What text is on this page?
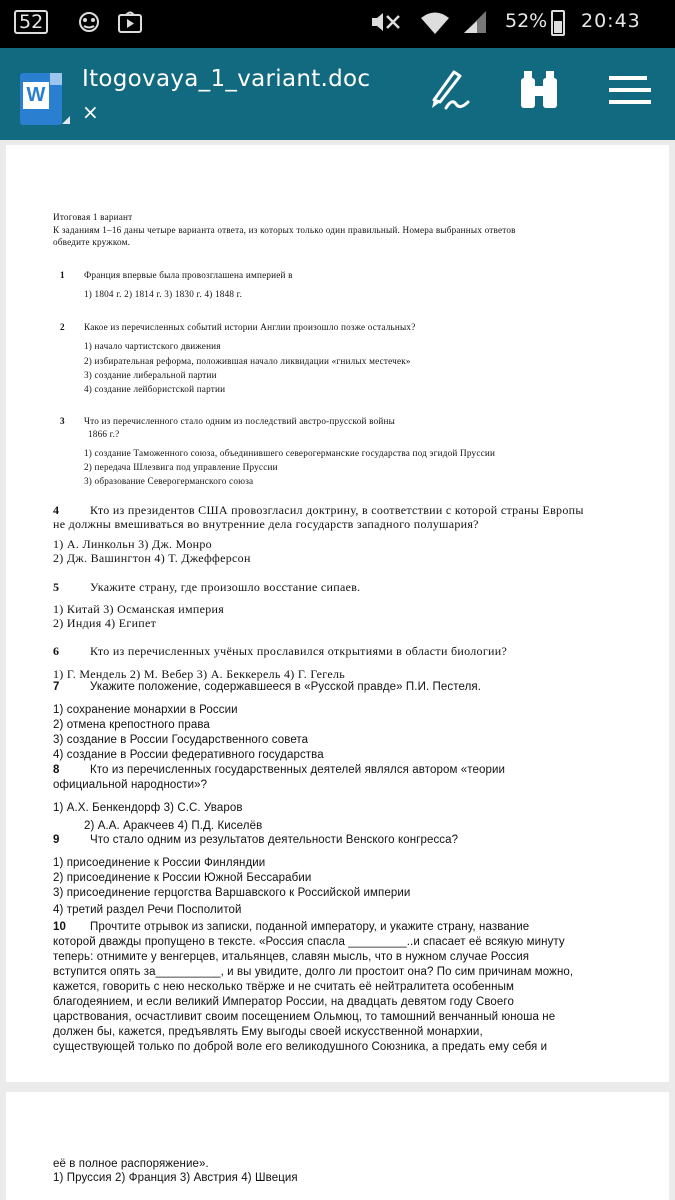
52	52% 20:43
W
Itogovaya_1_variant.doc
×
Итоговая 1 вариант
К заданиям 1–16 даны четыре варианта ответа, из которых только один правильный. Номера выбранных ответов
обведите кружком.
1 Франция впервые была провозглашена империей в
1) 1804 г. 2) 1814 г. 3) 1830 г. 4) 1848 г.
2 Какое из перечисленных событий истории Англии произошло позже остальных?
1) начало чартистского движения
2) избирательная реформа, положившая начало ликвидации «гнилых местечек»
3) создание либеральной партии
4) создание лейбористской партии
3 Что из перечисленного стало одним из последствий австро-прусской войны
1866 г.?
1) создание Таможенного союза, объединившего северогерманские государства под эгидой Пруссии
2) передача Шлезвига под управление Пруссии
3) образование Северогерманского союза
4	Кто из президентов США провозгласил доктрину, в соответствии с которой страны Европы
не должны вмешиваться во внутренние дела государств западного полушария?
1) А. Линкольн 3) Дж. Монро
2) Дж. Вашингтон 4) Т. Джефферсон
5	Укажите страну, где произошло восстание сипаев.
1) Китай 3) Османская империя
2) Индия 4) Египет
6	Кто из перечисленных учёных прославился открытиями в области биологии?
1) Г. Мендель 2) М. Вебер 3) А. Беккерель 4) Г. Гегель
7	Укажите положение, содержавшееся в «Русской правде» П.И. Пестеля.
1) сохранение монархии в России
2) отмена крепостного права
3) создание в России Государственного совета
4) создание в России федеративного государства
8	Кто из перечисленных государственных деятелей являлся автором «теории
официальной народности»?
1) А.Х. Бенкендорф 3) С.С. Уваров
2) А.А. Аракчеев 4) П.Д. Киселёв
9	Что стало одним из результатов деятельности Венского конгресса?
1) присоединение к России Финляндии
2) присоединение к России Южной Бессарабии
3) присоединение герцогства Варшавского к Российской империи
4) третий раздел Речи Посполитой
10 Прочтите отрывок из записки, поданной императору, и укажите страну, название
которой дважды пропущено в тексте. «Россия спасла _________..и спасает её всякую минуту
теперь: отнимите у венгерцев, итальянцев, славян мысль, что в нужном случае Россия
вступится опять за__________, и вы увидите, долго ли простоит она? По сим причинам можно,
кажется, говорить с нею несколько твёрже и не считать её нейтралитета особенным
благодеянием, и если великий Император России, на двадцать девятом году Своего
царствования, осчастливит своим посещением Ольмюц, то тамошний венчанный юноша не
должен бы, кажется, предъявлять Ему выгоды своей искусственной монархии,
существующей только по доброй воле его великодушного Союзника, а предать ему себя и
её в полное распоряжение».
1) Пруссия 2) Франция 3) Австрия 4) Швеция
